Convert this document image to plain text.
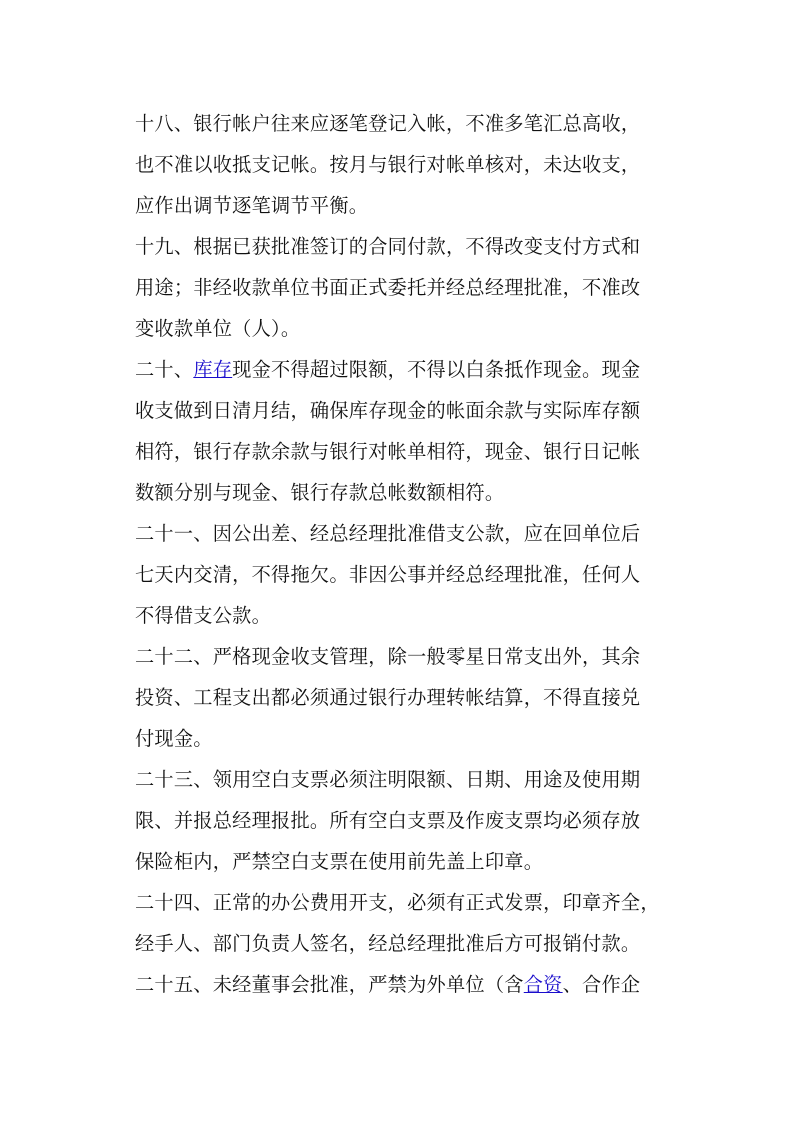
十八、银行帐户往来应逐笔登记入帐，不准多笔汇总高收，
也不准以收抵支记帐。按月与银行对帐单核对，未达收支，
应作出调节逐笔调节平衡。
十九、根据已获批准签订的合同付款，不得改变支付方式和
用途；非经收款单位书面正式委托并经总经理批准，不准改
变收款单位（人）。
二十、库存现金不得超过限额，不得以白条抵作现金。现金
收支做到日清月结，确保库存现金的帐面余款与实际库存额
相符，银行存款余款与银行对帐单相符，现金、银行日记帐
数额分别与现金、银行存款总帐数额相符。
二十一、因公出差、经总经理批准借支公款，应在回单位后
七天内交清，不得拖欠。非因公事并经总经理批准，任何人
不得借支公款。
二十二、严格现金收支管理，除一般零星日常支出外，其余
投资、工程支出都必须通过银行办理转帐结算，不得直接兑
付现金。
二十三、领用空白支票必须注明限额、日期、用途及使用期
限、并报总经理报批。所有空白支票及作废支票均必须存放
保险柜内，严禁空白支票在使用前先盖上印章。
二十四、正常的办公费用开支，必须有正式发票，印章齐全，
经手人、部门负责人签名，经总经理批准后方可报销付款。
二十五、未经董事会批准，严禁为外单位（含合资、合作企
